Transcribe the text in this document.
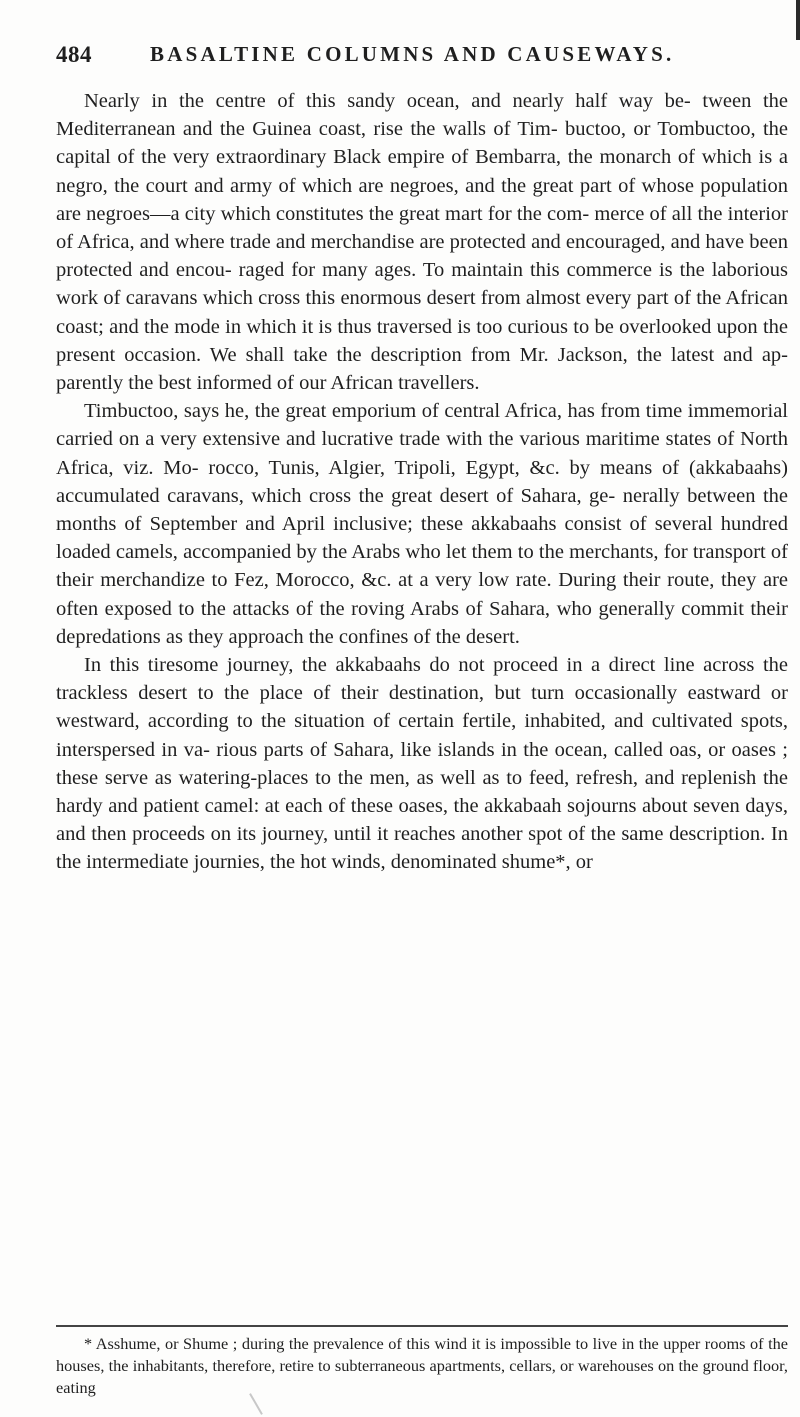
484	BASALTINE COLUMNS AND CAUSEWAYS.

Nearly in the centre of this sandy ocean, and nearly half way be- tween the Mediterranean and the Guinea coast, rise the walls of Tim- buctoo, or Tombuctoo, the capital of the very extraordinary Black empire of Bembarra, the monarch of which is a negro, the court and army of which are negroes, and the great part of whose population are negroes—a city which constitutes the great mart for the com- merce of all the interior of Africa, and where trade and merchandise are protected and encouraged, and have been protected and encou- raged for many ages. To maintain this commerce is the laborious work of caravans which cross this enormous desert from almost every part of the African coast; and the mode in which it is thus traversed is too curious to be overlooked upon the present occasion. We shall take the description from Mr. Jackson, the latest and ap- parently the best informed of our African travellers.

Timbuctoo, says he, the great emporium of central Africa, has from time immemorial carried on a very extensive and lucrative trade with the various maritime states of North Africa, viz. Mo- rocco, Tunis, Algier, Tripoli, Egypt, &c. by means of (akkabaahs) accumulated caravans, which cross the great desert of Sahara, ge- nerally between the months of September and April inclusive; these akkabaahs consist of several hundred loaded camels, accompanied by the Arabs who let them to the merchants, for transport of their merchandize to Fez, Morocco, &c. at a very low rate. During their route, they are often exposed to the attacks of the roving Arabs of Sahara, who generally commit their depredations as they approach the confines of the desert.

In this tiresome journey, the akkabaahs do not proceed in a direct line across the trackless desert to the place of their destination, but turn occasionally eastward or westward, according to the situation of certain fertile, inhabited, and cultivated spots, interspersed in va- rious parts of Sahara, like islands in the ocean, called oas, or oases ; these serve as watering-places to the men, as well as to feed, refresh, and replenish the hardy and patient camel: at each of these oases, the akkabaah sojourns about seven days, and then proceeds on its journey, until it reaches another spot of the same description. In the intermediate journies, the hot winds, denominated shume*, or

* Asshume, or Shume ; during the prevalence of this wind it is impossible to live in the upper rooms of the houses, the inhabitants, therefore, retire to subterraneous apartments, cellars, or warehouses on the ground floor, eating
